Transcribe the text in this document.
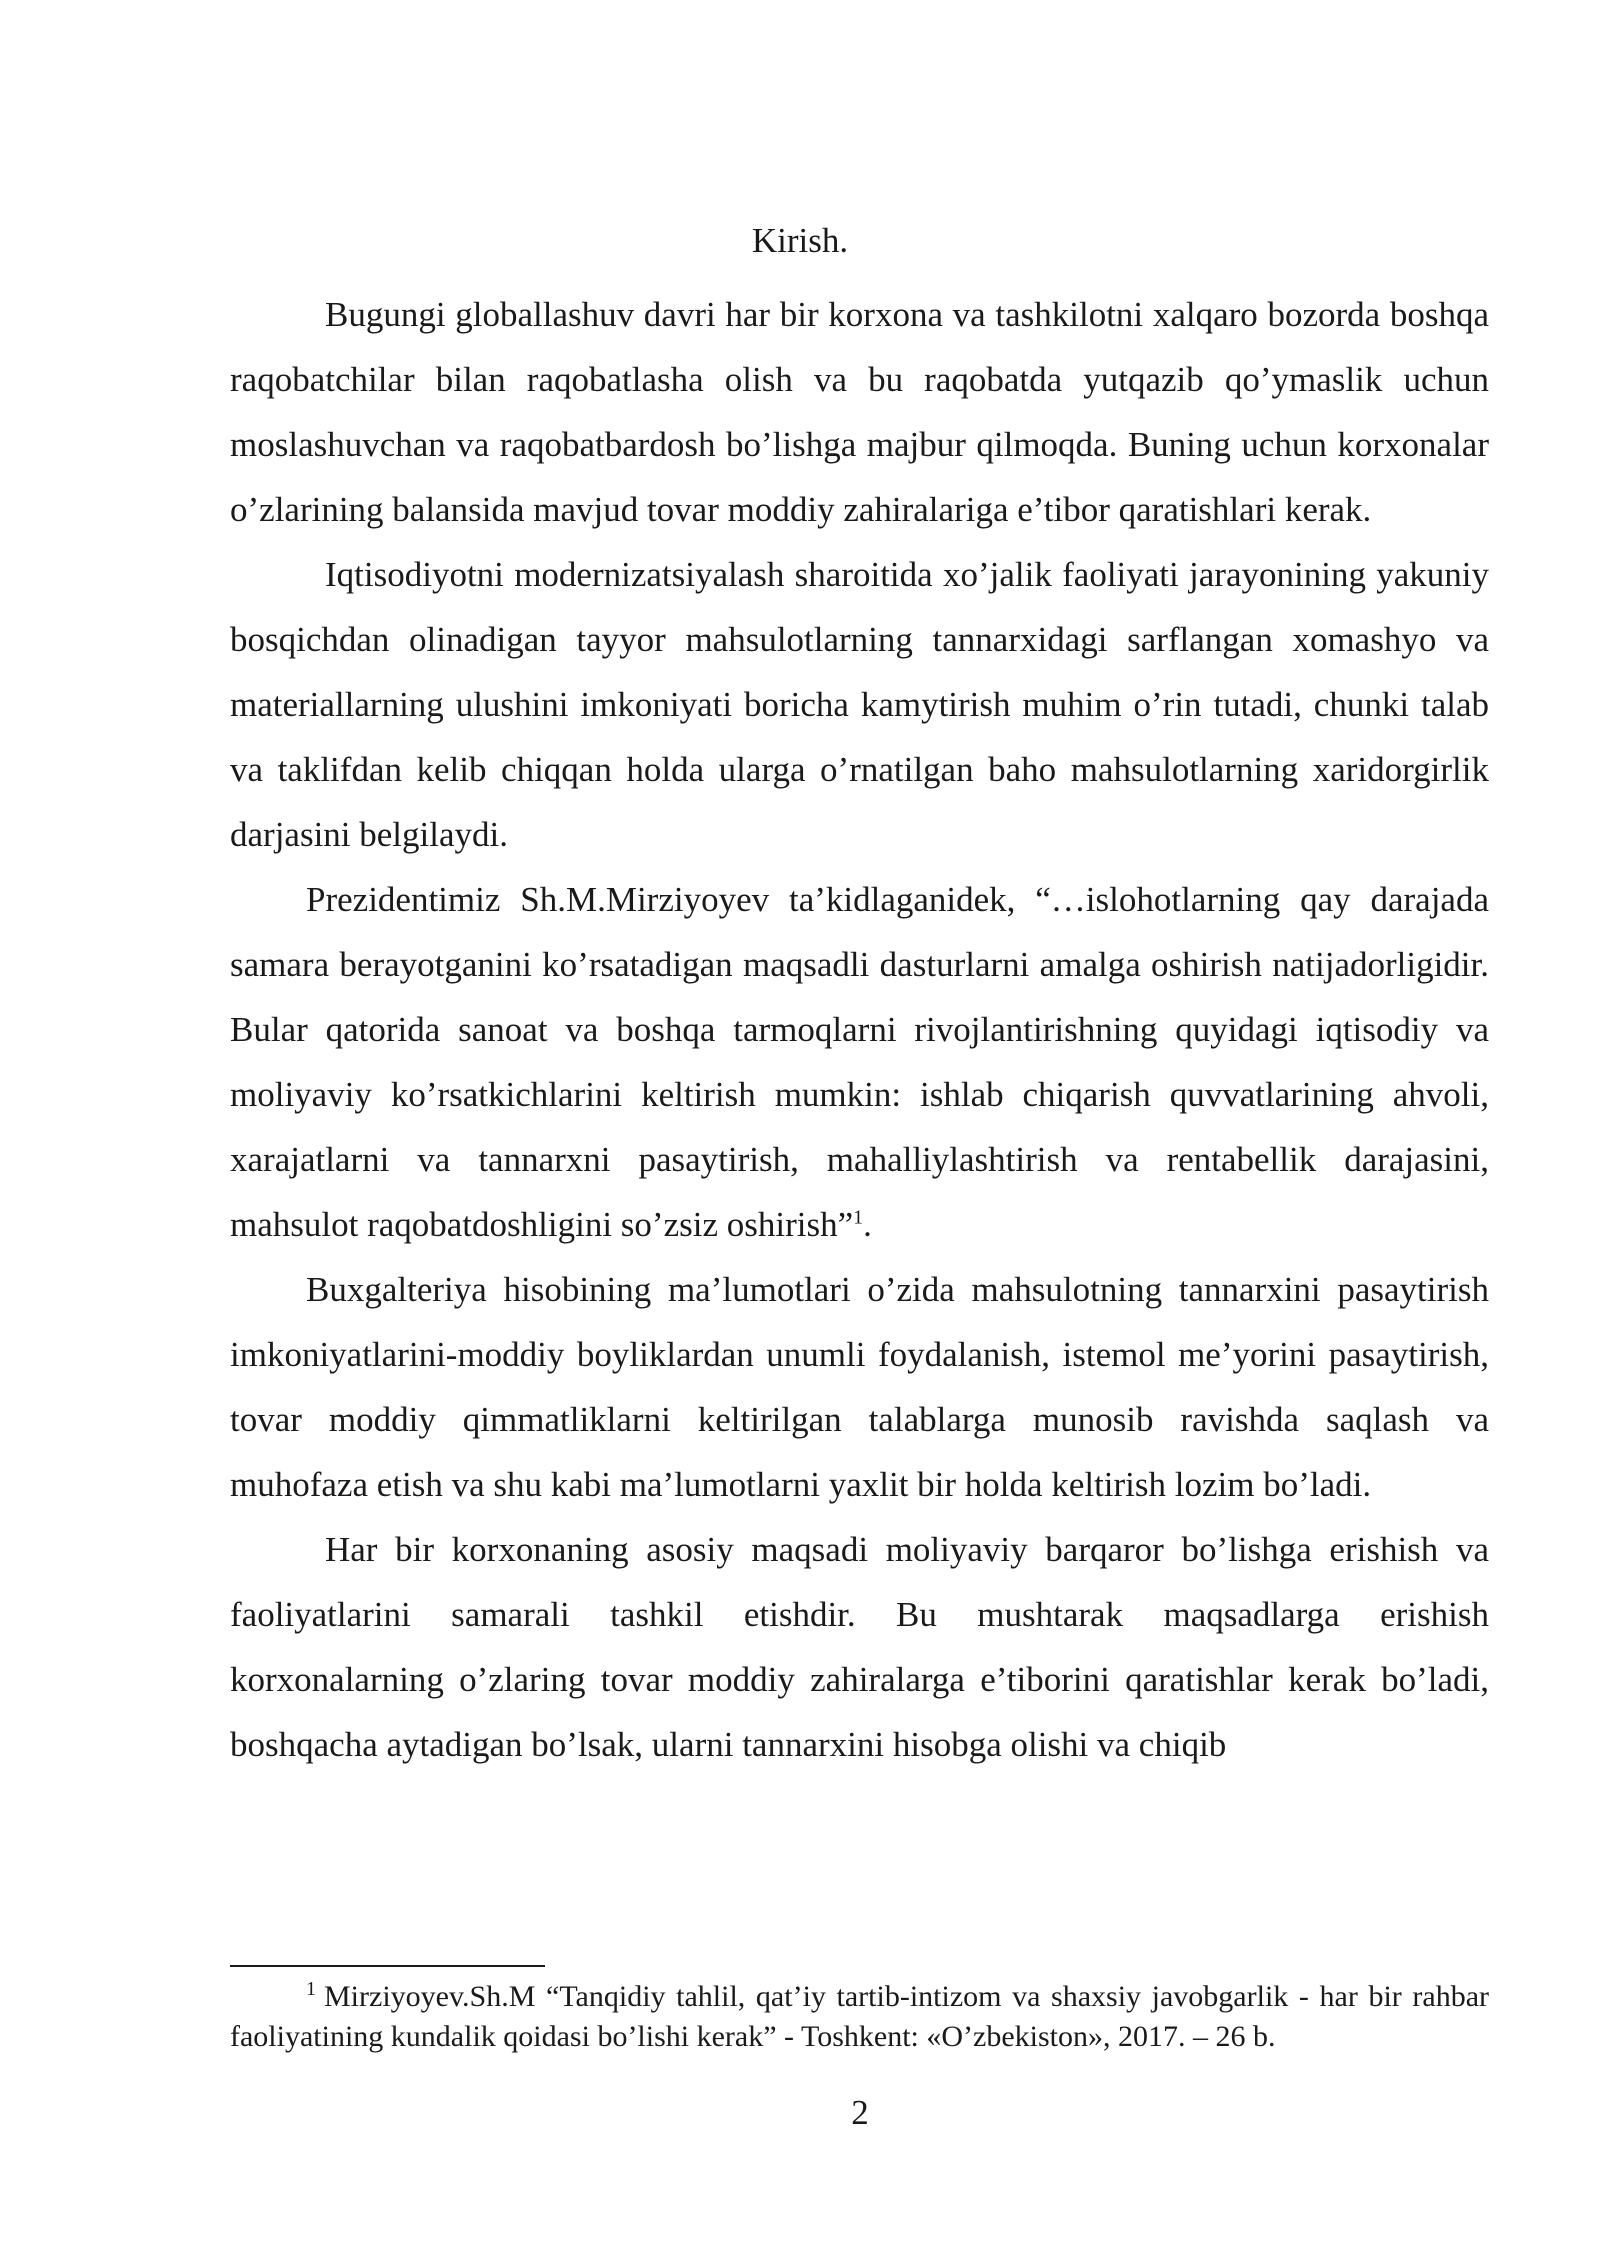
Kirish.

Bugungi globallashuv davri har bir korxona va tashkilotni xalqaro bozorda boshqa raqobatchilar bilan raqobatlasha olish va bu raqobatda yutqazib qo’ymaslik uchun moslashuvchan va raqobatbardosh bo’lishga majbur qilmoqda. Buning uchun korxonalar o’zlarining balansida mavjud tovar moddiy zahiralariga e’tibor qaratishlari kerak.

Iqtisodiyotni modernizatsiyalash sharoitida xo’jalik faoliyati jarayonining yakuniy bosqichdan olinadigan tayyor mahsulotlarning tannarxidagi sarflangan xomashyo va materiallarning ulushini imkoniyati boricha kamytirish muhim o’rin tutadi, chunki talab va taklifdan kelib chiqqan holda ularga o’rnatilgan baho mahsulotlarning xaridorgirlik darjasini belgilaydi.

Prezidentimiz Sh.M.Mirziyoyev ta’kidlaganidek, “…islohotlarning qay darajada samara berayotganini ko’rsatadigan maqsadli dasturlarni amalga oshirish natijadorligidir. Bular qatorida sanoat va boshqa tarmoqlarni rivojlantirishning quyidagi iqtisodiy va moliyaviy ko’rsatkichlarini keltirish mumkin: ishlab chiqarish quvvatlarining ahvoli, xarajatlarni va tannarxni pasaytirish, mahalliylashtirish va rentabellik darajasini, mahsulot raqobatdoshligini so’zsiz oshirish”$^1$.

Buxgalteriya hisobining ma’lumotlari o’zida mahsulotning tannarxini pasaytirish imkoniyatlarini-moddiy boyliklardan unumli foydalanish, istemol me’yorini pasaytirish, tovar moddiy qimmatliklarni keltirilgan talablarga munosib ravishda saqlash va muhofaza etish va shu kabi ma’lumotlarni yaxlit bir holda keltirish lozim bo’ladi.

Har bir korxonaning asosiy maqsadi moliyaviy barqaror bo’lishga erishish va faoliyatlarini samarali tashkil etishdir. Bu mushtarak maqsadlarga erishish korxonalarning o’zlaring tovar moddiy zahiralarga e’tiborini qaratishlar kerak bo’ladi, boshqacha aytadigan bo’lsak, ularni tannarxini hisobga olishi va chiqib

$^1$ Mirziyoyev.Sh.M “Tanqidiy tahlil, qat’iy tartib-intizom va shaxsiy javobgarlik - har bir rahbar faoliyatining kundalik qoidasi bo’lishi kerak” - Toshkent: «O’zbekiston», 2017. – 26 b.

2
